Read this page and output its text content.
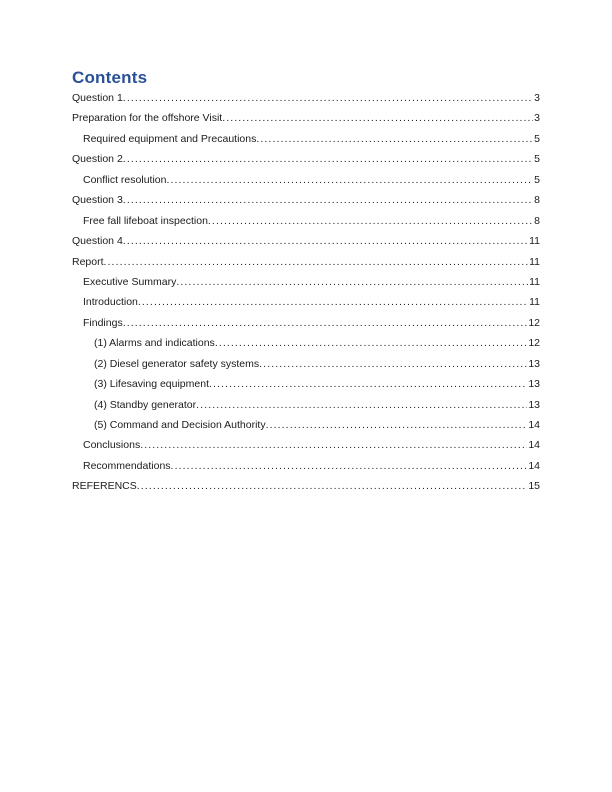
Contents
Question 1 .....	3
Preparation for the offshore Visit .....	3
Required equipment and Precautions .....	5
Question 2 .....	5
Conflict resolution .....	5
Question 3 .....	8
Free fall lifeboat inspection .....	8
Question 4 .....	11
Report .....	11
Executive Summary .....	11
Introduction .....	11
Findings .....	12
(1) Alarms and indications .....	12
(2) Diesel generator safety systems .....	13
(3) Lifesaving equipment .....	13
(4) Standby generator .....	13
(5) Command and Decision Authority .....	14
Conclusions .....	14
Recommendations .....	14
REFERENCS .....	15
